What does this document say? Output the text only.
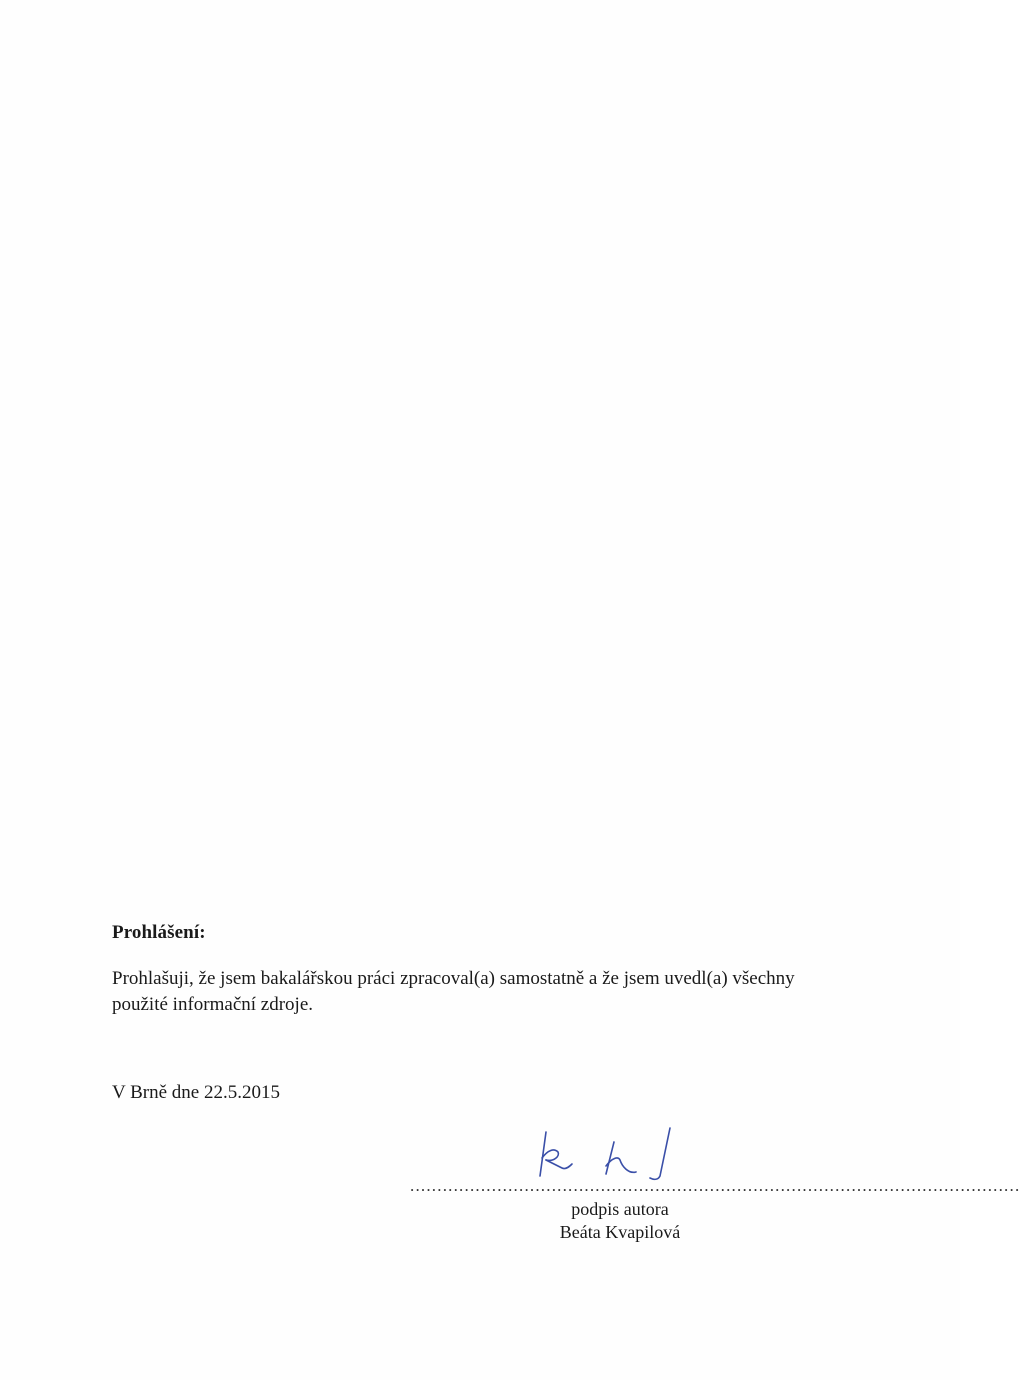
Prohlášení:
Prohlašuji, že jsem bakalářskou práci zpracoval(a) samostatně a že jsem uvedl(a) všechny
použité informační zdroje.
V Brně dne 22.5.2015
................................................................................................................
podpis autora
Beáta Kvapilová
